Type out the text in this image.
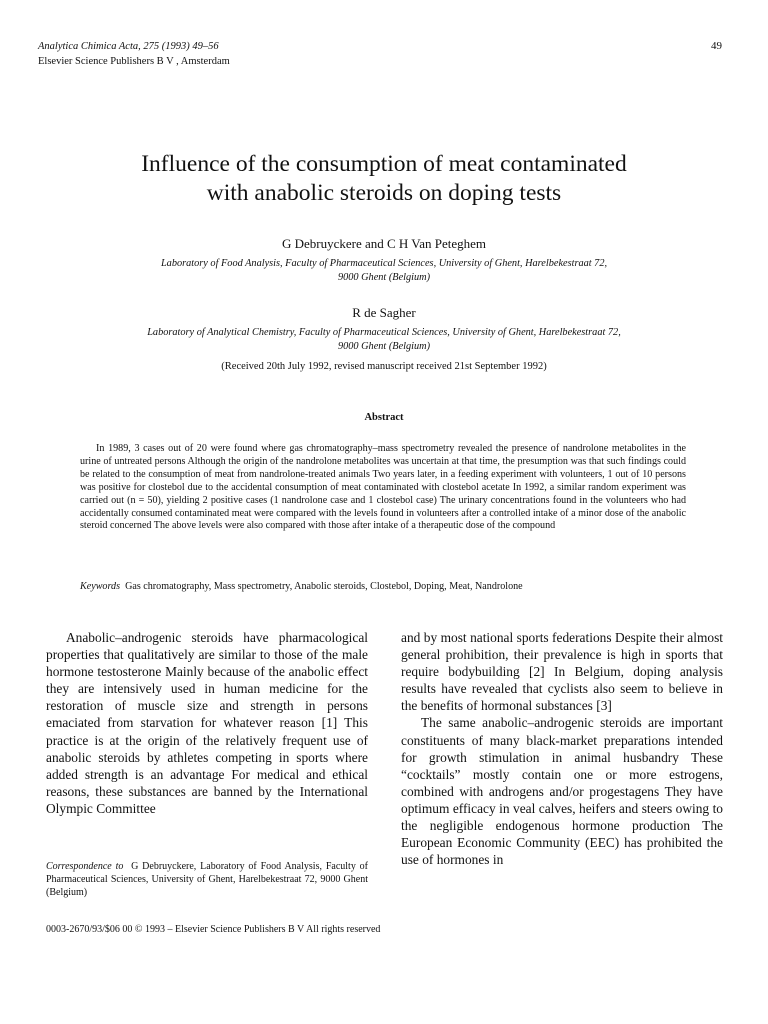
Analytica Chimica Acta, 275 (1993) 49–56
Elsevier Science Publishers B V , Amsterdam
49
Influence of the consumption of meat contaminated
with anabolic steroids on doping tests
G Debruyckere and C H Van Peteghem
Laboratory of Food Analysis, Faculty of Pharmaceutical Sciences, University of Ghent, Harelbekestraat 72,
9000 Ghent (Belgium)
R de Sagher
Laboratory of Analytical Chemistry, Faculty of Pharmaceutical Sciences, University of Ghent, Harelbekestraat 72,
9000 Ghent (Belgium)
(Received 20th July 1992, revised manuscript received 21st September 1992)
Abstract

In 1989, 3 cases out of 20 were found where gas chromatography–mass spectrometry revealed the presence of nandrolone metabolites in the urine of untreated persons Although the origin of the nandrolone metabolites was uncertain at that time, the presumption was that such findings could be related to the consumption of meat from nandrolone-treated animals Two years later, in a feeding experiment with volunteers, 1 out of 10 persons was positive for clostebol due to the accidental consumption of meat contaminated with clostebol acetate In 1992, a similar random experiment was carried out (n = 50), yielding 2 positive cases (1 nandrolone case and 1 clostebol case) The urinary concentrations found in the volunteers who had accidentally consumed contaminated meat were compared with the levels found in volunteers after a controlled intake of a minor dose of the anabolic steroid concerned The above levels were also compared with those after intake of a therapeutic dose of the compound

Keywords Gas chromatography, Mass spectrometry, Anabolic steroids, Clostebol, Doping, Meat, Nandrolone

Anabolic–androgenic steroids have pharmacological properties that qualitatively are similar to those of the male hormone testosterone Mainly because of the anabolic effect they are intensively used in human medicine for the restoration of muscle size and strength in persons emaciated from starvation for whatever reason [1] This practice is at the origin of the relatively frequent use of anabolic steroids by athletes competing in sports where added strength is an advantage For medical and ethical reasons, these substances are banned by the International Olympic Committee

and by most national sports federations Despite their almost general prohibition, their prevalence is high in sports that require bodybuilding [2] In Belgium, doping analysis results have revealed that cyclists also seem to believe in the benefits of hormonal substances [3]

The same anabolic–androgenic steroids are important constituents of many black-market preparations intended for growth stimulation in animal husbandry These “cocktails” mostly contain one or more estrogens, combined with androgens and/or progestagens They have optimum efficacy in veal calves, heifers and steers owing to the negligible endogenous hormone production The European Economic Community (EEC) has prohibited the use of hormones in

Correspondence to G Debruyckere, Laboratory of Food Analysis, Faculty of Pharmaceutical Sciences, University of Ghent, Harelbekestraat 72, 9000 Ghent (Belgium)
0003-2670/93/$06 00 © 1993 – Elsevier Science Publishers B V All rights reserved
